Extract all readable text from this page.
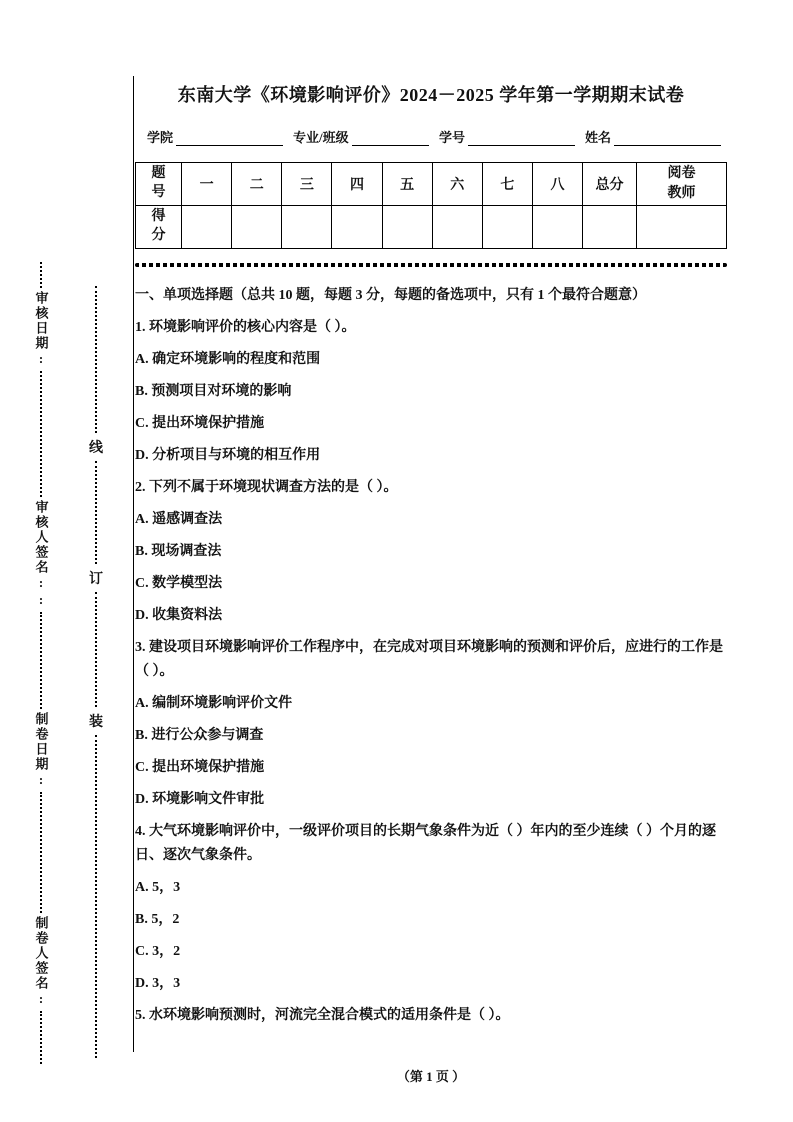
审核日期:
审核人签名::
制卷日期:
制卷人签名:
线
订
装
东南大学《环境影响评价》2024－2025 学年第一学期期末试卷
学院	专业/班级	学号	姓名
题号	一	二	三	四	五	六	七	八	总分	阅卷教师
得分										

一、单项选择题（总共 10 题，每题 3 分，每题的备选项中，只有 1 个最符合题意）

1. 环境影响评价的核心内容是（ ）。

A. 确定环境影响的程度和范围

B. 预测项目对环境的影响

C. 提出环境保护措施

D. 分析项目与环境的相互作用

2. 下列不属于环境现状调查方法的是（ ）。

A. 遥感调查法

B. 现场调查法

C. 数学模型法

D. 收集资料法

3. 建设项目环境影响评价工作程序中，在完成对项目环境影响的预测和评价后，应进行的工作是（ ）。

A. 编制环境影响评价文件

B. 进行公众参与调查

C. 提出环境保护措施

D. 环境影响文件审批

4. 大气环境影响评价中，一级评价项目的长期气象条件为近（ ）年内的至少连续（ ）个月的逐日、逐次气象条件。

A. 5，3

B. 5，2

C. 3，2

D. 3，3

5. 水环境影响预测时，河流完全混合模式的适用条件是（ ）。

（第 1 页 ）
